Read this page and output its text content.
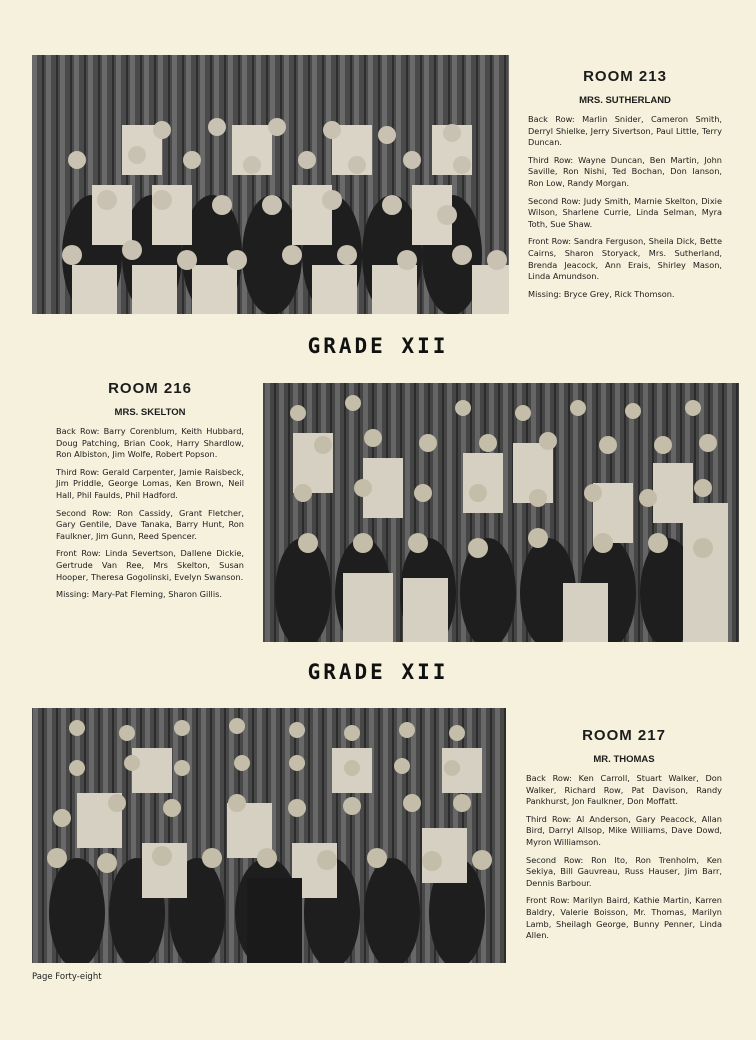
ROOM 213

MRS. SUTHERLAND

Back Row: Marlin Snider, Cameron Smith, Derryl Shielke, Jerry Sivertson, Paul Little, Terry Duncan.

Third Row: Wayne Duncan, Ben Martin, John Saville, Ron Nishi, Ted Bochan, Don Ianson, Ron Low, Randy Morgan.

Second Row: Judy Smith, Marnie Skelton, Dixie Wilson, Sharlene Currie, Linda Selman, Myra Toth, Sue Shaw.

Front Row: Sandra Ferguson, Sheila Dick, Bette Cairns, Sharon Storyack, Mrs. Sutherland, Brenda Jeacock, Ann Erais, Shirley Mason, Linda Amundson.

Missing: Bryce Grey, Rick Thomson.

GRADE XII

ROOM 216

MRS. SKELTON

Back Row: Barry Corenblum, Keith Hubbard, Doug Patching, Brian Cook, Harry Shardlow, Ron Albiston, Jim Wolfe, Robert Popson.

Third Row: Gerald Carpenter, Jamie Raisbeck, Jim Priddle, George Lomas, Ken Brown, Neil Hall, Phil Faulds, Phil Hadford.

Second Row: Ron Cassidy, Grant Fletcher, Gary Gentile, Dave Tanaka, Barry Hunt, Ron Faulkner, Jim Gunn, Reed Spencer.

Front Row: Linda Severtson, Dallene Dickie, Gertrude Van Ree, Mrs Skelton, Susan Hooper, Theresa Gogolinski, Evelyn Swanson.

Missing: Mary-Pat Fleming, Sharon Gillis.

GRADE XII

ROOM 217

MR. THOMAS

Back Row: Ken Carroll, Stuart Walker, Don Walker, Richard Row, Pat Davison, Randy Pankhurst, Jon Faulkner, Don Moffatt.

Third Row: Al Anderson, Gary Peacock, Allan Bird, Darryl Allsop, Mike Williams, Dave Dowd, Myron Williamson.

Second Row: Ron Ito, Ron Trenholm, Ken Sekiya, Bill Gauvreau, Russ Hauser, Jim Barr, Dennis Barbour.

Front Row: Marilyn Baird, Kathie Martin, Karren Baldry, Valerie Boisson, Mr. Thomas, Marilyn Lamb, Sheilagh George, Bunny Penner, Linda Allen.

Page Forty-eight
